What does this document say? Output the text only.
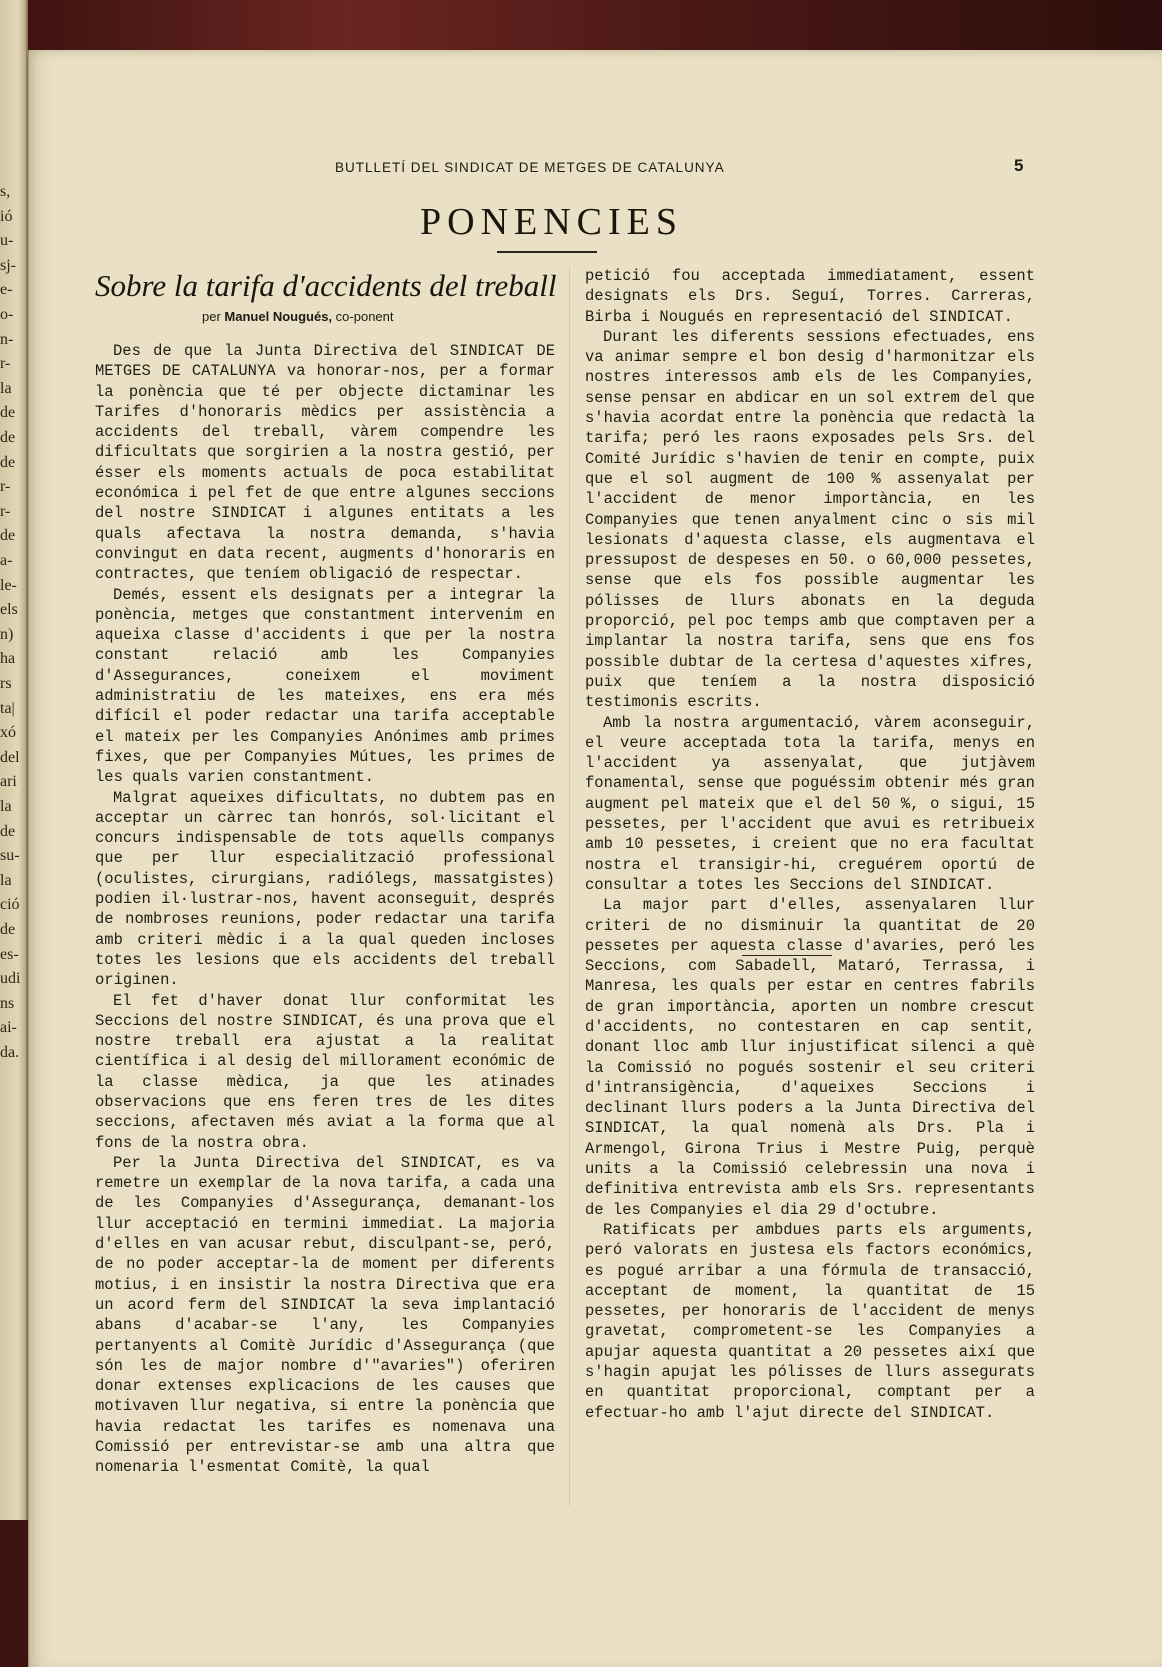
s,
ió
u-
sj-
e-
o-
n-
r-
la
de
de
de
r-
r-
de
a-
le-
els
n)
ha
rs
ta|
xó
del
ari
la
de
su-
la
ció
de
es-
udi
ns
ai-
da.
BUTLLETÍ DEL SINDICAT DE METGES DE CATALUNYA	5
PONENCIES
Sobre la tarifa d'accidents del treball
per Manuel Nougués, co-ponent

Des de que la Junta Directiva del SINDICAT DE METGES DE CATALUNYA va honorar-nos, per a formar la ponència que té per objecte dictaminar les Tarifes d'honoraris mèdics per assistència a accidents del treball, vàrem compendre les dificultats que sorgirien a la nostra gestió, per ésser els moments actuals de poca estabilitat económica i pel fet de que entre algunes seccions del nostre SINDICAT i algunes entitats a les quals afectava la nostra demanda, s'havia convingut en data recent, augments d'honoraris en contractes, que teníem obligació de respectar.

Demés, essent els designats per a integrar la ponència, metges que constantment intervenim en aqueixa classe d'accidents i que per la nostra constant relació amb les Companyies d'Assegurances, coneixem el moviment administratiu de les mateixes, ens era més difícil el poder redactar una tarifa acceptable el mateix per les Companyies Anónimes amb primes fixes, que per Companyies Mútues, les primes de les quals varien constantment.

Malgrat aqueixes dificultats, no dubtem pas en acceptar un càrrec tan honrós, sol·licitant el concurs indispensable de tots aquells companys que per llur especialització professional (oculistes, cirurgians, radiólegs, massatgistes) podien il·lustrar-nos, havent aconseguit, després de nombroses reunions, poder redactar una tarifa amb criteri mèdic i a la qual queden incloses totes les lesions que els accidents del treball originen.

El fet d'haver donat llur conformitat les Seccions del nostre SINDICAT, és una prova que el nostre treball era ajustat a la realitat científica i al desig del millorament económic de la classe mèdica, ja que les atinades observacions que ens feren tres de les dites seccions, afectaven més aviat a la forma que al fons de la nostra obra.

Per la Junta Directiva del SINDICAT, es va remetre un exemplar de la nova tarifa, a cada una de les Companyies d'Assegurança, demanant-los llur acceptació en termini immediat. La majoria d'elles en van acusar rebut, disculpant-se, peró, de no poder acceptar-la de moment per diferents motius, i en insistir la nostra Directiva que era un acord ferm del SINDICAT la seva implantació abans d'acabar-se l'any, les Companyies pertanyents al Comitè Jurídic d'Assegurança (que són les de major nombre d'"avaries") oferiren donar extenses explicacions de les causes que motivaven llur negativa, si entre la ponència que havia redactat les tarifes es nomenava una Comissió per entrevistar-se amb una altra que nomenaria l'esmentat Comitè, la qual

petició fou acceptada immediatament, essent designats els Drs. Seguí, Torres. Carreras, Birba i Nougués en representació del SINDICAT.

Durant les diferents sessions efectuades, ens va animar sempre el bon desig d'harmonitzar els nostres interessos amb els de les Companyies, sense pensar en abdicar en un sol extrem del que s'havia acordat entre la ponència que redactà la tarifa; peró les raons exposades pels Srs. del Comité Jurídic s'havien de tenir en compte, puix que el sol augment de 100 % assenyalat per l'accident de menor importància, en les Companyies que tenen anyalment cinc o sis mil lesionats d'aquesta classe, els augmentava el pressupost de despeses en 50. o 60,000 pessetes, sense que els fos possible augmentar les pólisses de llurs abonats en la deguda proporció, pel poc temps amb que comptaven per a implantar la nostra tarifa, sens que ens fos possible dubtar de la certesa d'aquestes xifres, puix que teníem a la nostra disposició testimonis escrits.

Amb la nostra argumentació, vàrem aconseguir, el veure acceptada tota la tarifa, menys en l'accident ya assenyalat, que jutjàvem fonamental, sense que poguéssim obtenir més gran augment pel mateix que el del 50 %, o sigui, 15 pessetes, per l'accident que avui es retribueix amb 10 pessetes, i creient que no era facultat nostra el transigir-hi, creguérem oportú de consultar a totes les Seccions del SINDICAT.

La major part d'elles, assenyalaren llur criteri de no disminuir la quantitat de 20 pessetes per aquesta classe d'avaries, peró les Seccions, com Sabadell, Mataró, Terrassa, i Manresa, les quals per estar en centres fabrils de gran importància, aporten un nombre crescut d'accidents, no contestaren en cap sentit, donant lloc amb llur injustificat silenci a què la Comissió no pogués sostenir el seu criteri d'intransigència, d'aqueixes Seccions i declinant llurs poders a la Junta Directiva del SINDICAT, la qual nomenà als Drs. Pla i Armengol, Girona Trius i Mestre Puig, perquè units a la Comissió celebressin una nova i definitiva entrevista amb els Srs. representants de les Companyies el dia 29 d'octubre.

Ratificats per ambdues parts els arguments, peró valorats en justesa els factors económics, es pogué arribar a una fórmula de transacció, acceptant de moment, la quantitat de 15 pessetes, per honoraris de l'accident de menys gravetat, comprometent-se les Companyies a apujar aquesta quantitat a 20 pessetes així que s'hagin apujat les pólisses de llurs assegurats en quantitat proporcional, comptant per a efectuar-ho amb l'ajut directe del SINDICAT.
